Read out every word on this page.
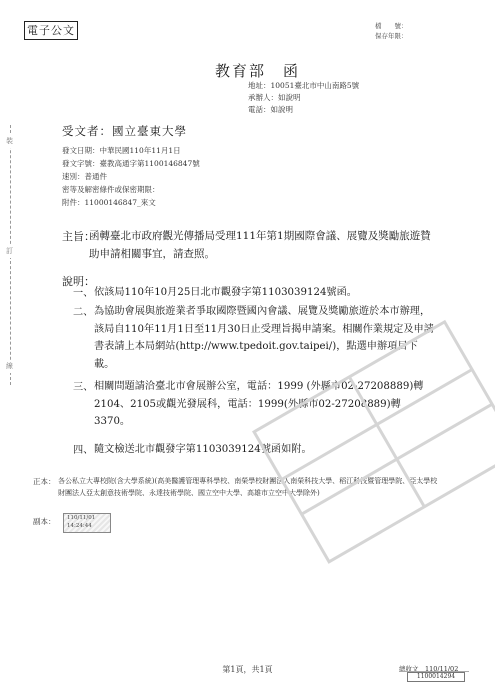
電子公文	檔　　號：
保存年限：
教育部　函
地址：10051臺北市中山南路5號
承辦人：如說明
電話：如說明
受文者：國立臺東大學
發文日期：中華民國110年11月1日
發文字號：臺教高通字第1100146847號
速別：普通件
密等及解密條件或保密期限：
附件：11000146847_來文
主旨：
函轉臺北市政府觀光傳播局受理111年第1期國際會議、展覽及獎勵旅遊贊助申請相關事宜，請查照。
說明：
一、 依該局110年10月25日北市觀發字第1103039124號函。
二、 為協助會展與旅遊業者爭取國際暨國內會議、展覽及獎勵旅遊於本市辦理，該局自110年11月1日至11月30日止受理旨揭申請案。相關作業規定及申請書表請上本局網站(http://www.tpedoit.gov.taipei/)，點選申辦項目下載。
三、 相關問題請洽臺北市會展辦公室，電話：1999 (外縣市02-27208889)轉2104、2105或觀光發展科，電話：1999(外縣市02-27208889)轉3370。
四、 隨文檢送北市觀發字第1103039124號函如附。
正本： 各公私立大專校院(含大學系統)(高美醫護管理專科學校、南榮學校財團法人南榮科技大學、稻江科技暨管理學院、亞太學校財團法人亞太創意技術學院、永達技術學院、國立空中大學、高雄市立空中大學除外)
副本： 110/11/01
14:24:44
裝
訂
線
第1頁，共1頁	總收文　110/11/02
1100014294
